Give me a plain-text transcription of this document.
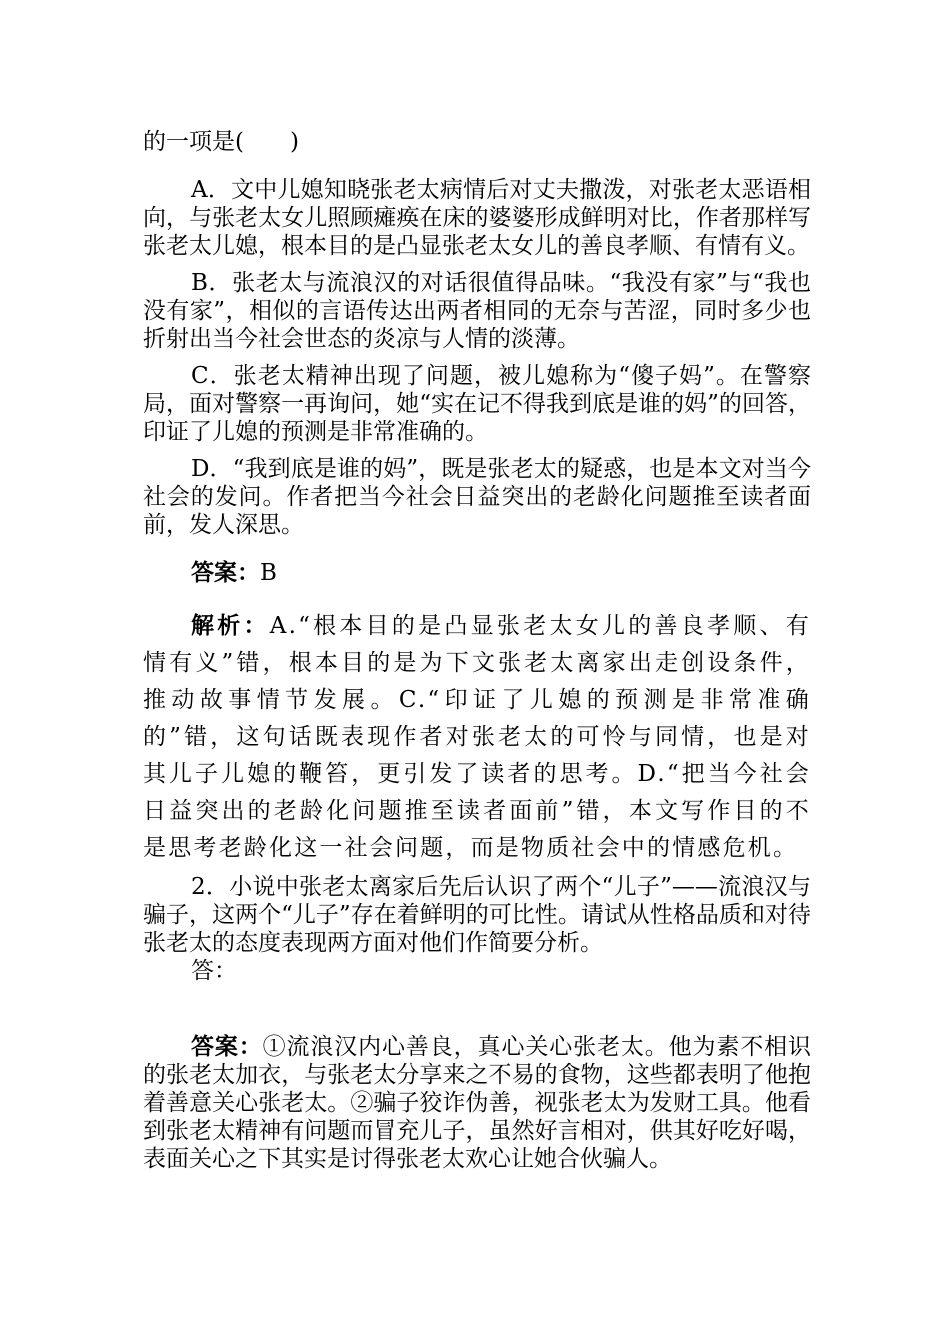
的一项是(　　)

A．文中儿媳知晓张老太病情后对丈夫撒泼，对张老太恶语相向，与张老太女儿照顾瘫痪在床的婆婆形成鲜明对比，作者那样写张老太儿媳，根本目的是凸显张老太女儿的善良孝顺、有情有义。

B．张老太与流浪汉的对话很值得品味。“我没有家”与“我也没有家”，相似的言语传达出两者相同的无奈与苦涩，同时多少也折射出当今社会世态的炎凉与人情的淡薄。

C．张老太精神出现了问题，被儿媳称为“傻子妈”。在警察局，面对警察一再询问，她“实在记不得我到底是谁的妈”的回答，印证了儿媳的预测是非常准确的。

D．“我到底是谁的妈”，既是张老太的疑惑，也是本文对当今社会的发问。作者把当今社会日益突出的老龄化问题推至读者面前，发人深思。

答案：B

解析：A.“根本目的是凸显张老太女儿的善良孝顺、有情有义”错，根本目的是为下文张老太离家出走创设条件，推动故事情节发展。C.“印证了儿媳的预测是非常准确的”错，这句话既表现作者对张老太的可怜与同情，也是对其儿子儿媳的鞭笞，更引发了读者的思考。D.“把当今社会日益突出的老龄化问题推至读者面前”错，本文写作目的不是思考老龄化这一社会问题，而是物质社会中的情感危机。

2．小说中张老太离家后先后认识了两个“儿子”——流浪汉与骗子，这两个“儿子”存在着鲜明的可比性。请试从性格品质和对待张老太的态度表现两方面对他们作简要分析。

答：

答案：①流浪汉内心善良，真心关心张老太。他为素不相识的张老太加衣，与张老太分享来之不易的食物，这些都表明了他抱着善意关心张老太。②骗子狡诈伪善，视张老太为发财工具。他看到张老太精神有问题而冒充儿子，虽然好言相对，供其好吃好喝，表面关心之下其实是讨得张老太欢心让她合伙骗人。
